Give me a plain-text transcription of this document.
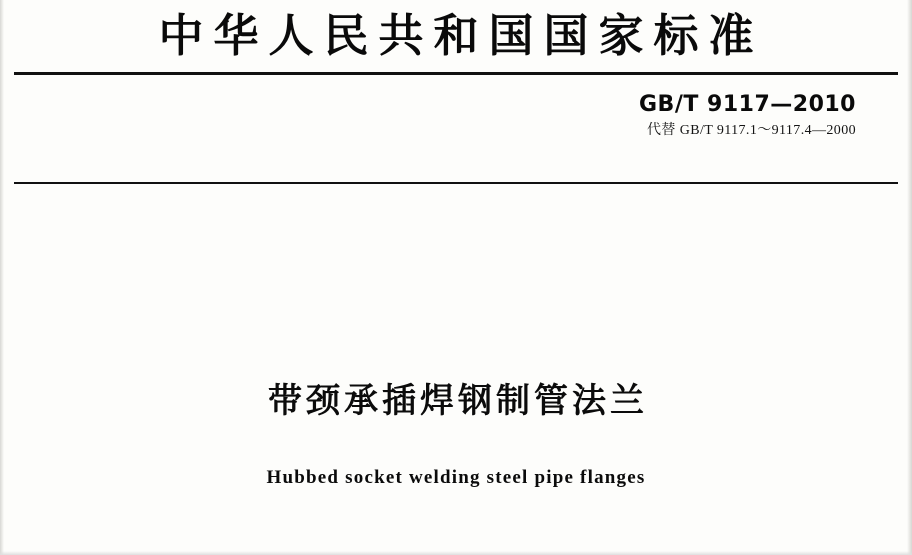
中华人民共和国国家标准
GB/T 9117—2010
代替 GB/T 9117.1～9117.4—2000
带颈承插焊钢制管法兰
Hubbed socket welding steel pipe flanges
